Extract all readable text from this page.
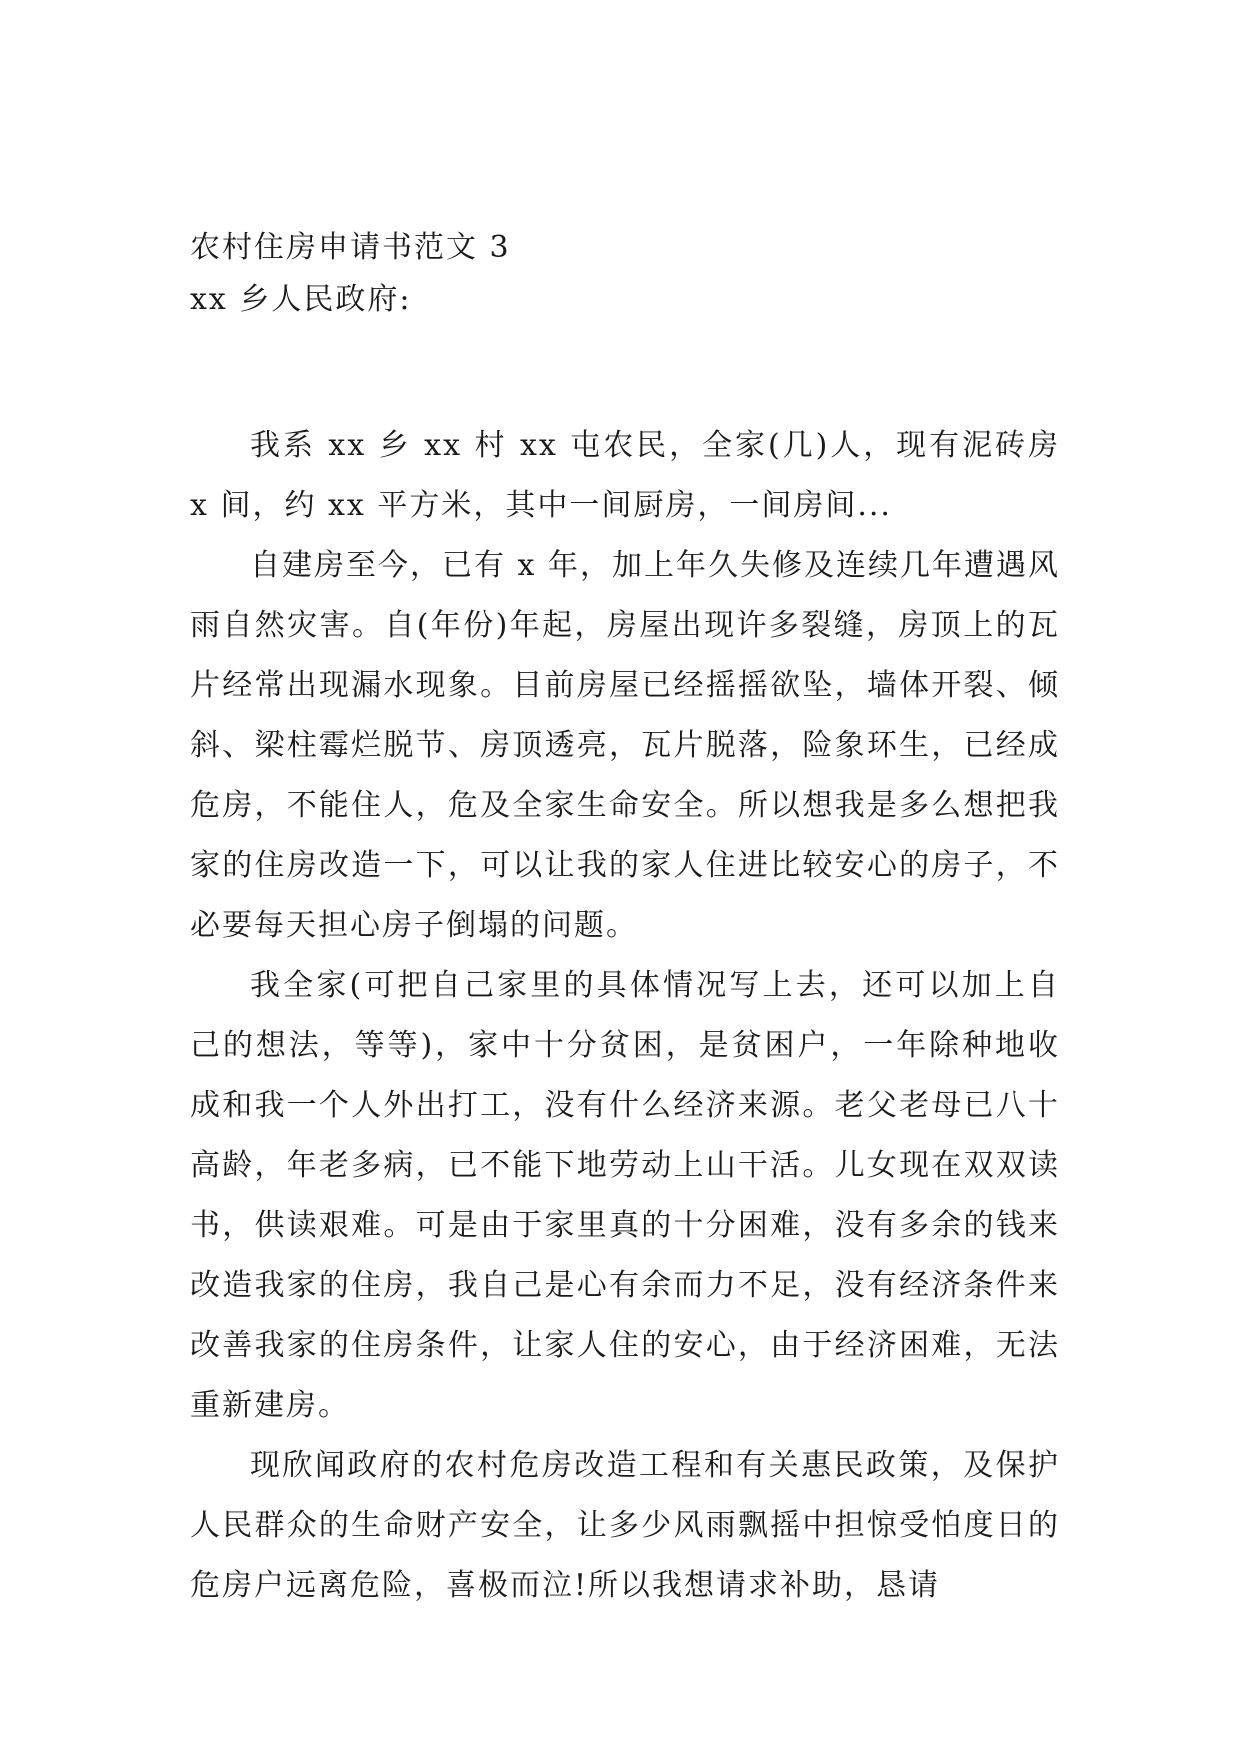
农村住房申请书范文 3
xx 乡人民政府:

我系 xx 乡 xx 村 xx 屯农民，全家(几)人，现有泥砖房 x 间，约 xx 平方米，其中一间厨房，一间房间...

自建房至今，已有 x 年，加上年久失修及连续几年遭遇风雨自然灾害。自(年份)年起，房屋出现许多裂缝，房顶上的瓦片经常出现漏水现象。目前房屋已经摇摇欲坠，墙体开裂、倾斜、梁柱霉烂脱节、房顶透亮，瓦片脱落，险象环生，已经成危房，不能住人，危及全家生命安全。所以想我是多么想把我家的住房改造一下，可以让我的家人住进比较安心的房子，不必要每天担心房子倒塌的问题。

我全家(可把自己家里的具体情况写上去，还可以加上自己的想法，等等)，家中十分贫困，是贫困户，一年除种地收成和我一个人外出打工，没有什么经济来源。老父老母已八十高龄，年老多病，已不能下地劳动上山干活。儿女现在双双读书，供读艰难。可是由于家里真的十分困难，没有多余的钱来改造我家的住房，我自己是心有余而力不足，没有经济条件来改善我家的住房条件，让家人住的安心，由于经济困难，无法重新建房。

现欣闻政府的农村危房改造工程和有关惠民政策，及保护人民群众的生命财产安全，让多少风雨飘摇中担惊受怕度日的危房户远离危险，喜极而泣!所以我想请求补助，恳请
